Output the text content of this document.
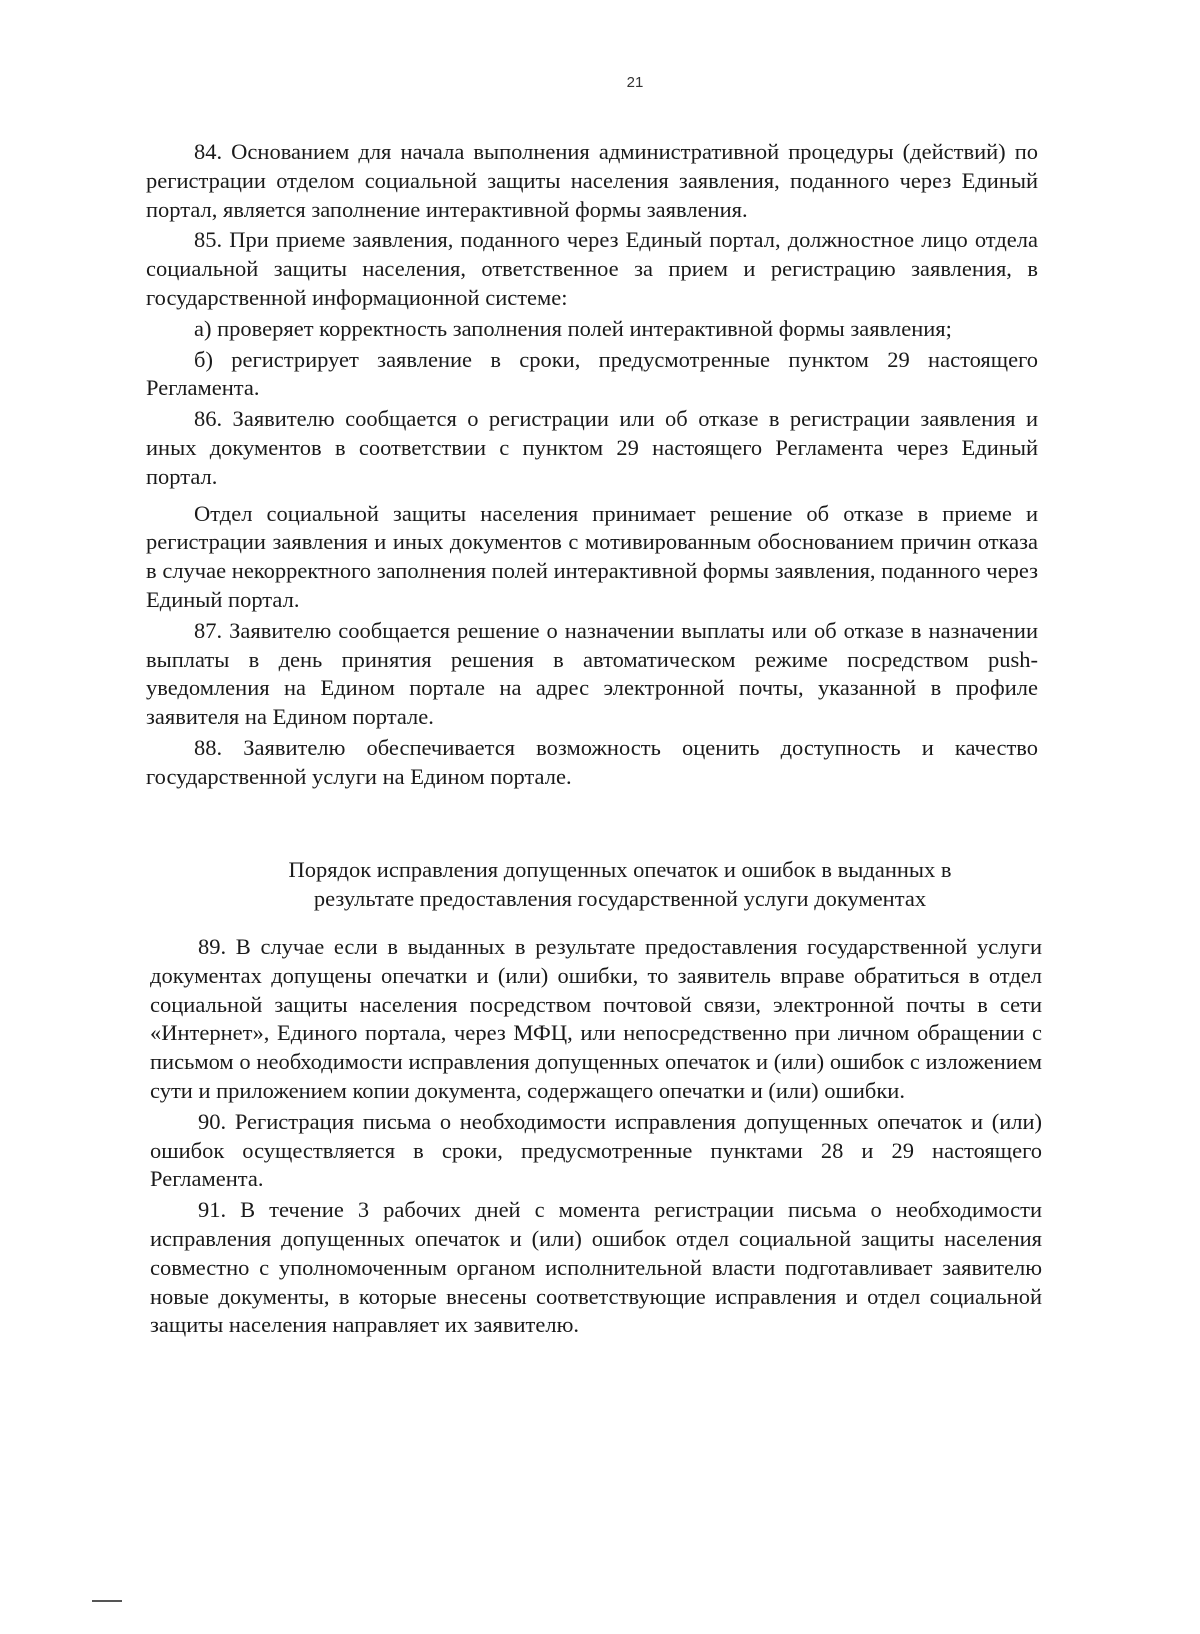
21

84. Основанием для начала выполнения административной процедуры (действий) по регистрации отделом социальной защиты населения заявления, поданного через Единый портал, является заполнение интерактивной формы заявления.

85. При приеме заявления, поданного через Единый портал, должностное лицо отдела социальной защиты населения, ответственное за прием и регистрацию заявления, в государственной информационной системе:

а) проверяет корректность заполнения полей интерактивной формы заявления;

б) регистрирует заявление в сроки, предусмотренные пунктом 29 настоящего Регламента.

86. Заявителю сообщается о регистрации или об отказе в регистрации заявления и иных документов в соответствии с пунктом 29 настоящего Регламента через Единый портал.

Отдел социальной защиты населения принимает решение об отказе в приеме и регистрации заявления и иных документов с мотивированным обоснованием причин отказа в случае некорректного заполнения полей интерактивной формы заявления, поданного через Единый портал.

87. Заявителю сообщается решение о назначении выплаты или об отказе в назначении выплаты в день принятия решения в автоматическом режиме посредством push-уведомления на Едином портале на адрес электронной почты, указанной в профиле заявителя на Едином портале.

88. Заявителю обеспечивается возможность оценить доступность и качество государственной услуги на Едином портале.

Порядок исправления допущенных опечаток и ошибок в выданных в
результате предоставления государственной услуги документах

89. В случае если в выданных в результате предоставления государственной услуги документах допущены опечатки и (или) ошибки, то заявитель вправе обратиться в отдел социальной защиты населения посредством почтовой связи, электронной почты в сети «Интернет», Единого портала, через МФЦ, или непосредственно при личном обращении с письмом о необходимости исправления допущенных опечаток и (или) ошибок с изложением сути и приложением копии документа, содержащего опечатки и (или) ошибки.

90. Регистрация письма о необходимости исправления допущенных опечаток и (или) ошибок осуществляется в сроки, предусмотренные пунктами 28 и 29 настоящего Регламента.

91. В течение 3 рабочих дней с момента регистрации письма о необходимости исправления допущенных опечаток и (или) ошибок отдел социальной защиты населения совместно с уполномоченным органом исполнительной власти подготавливает заявителю новые документы, в которые внесены соответствующие исправления и отдел социальной защиты населения направляет их заявителю.
